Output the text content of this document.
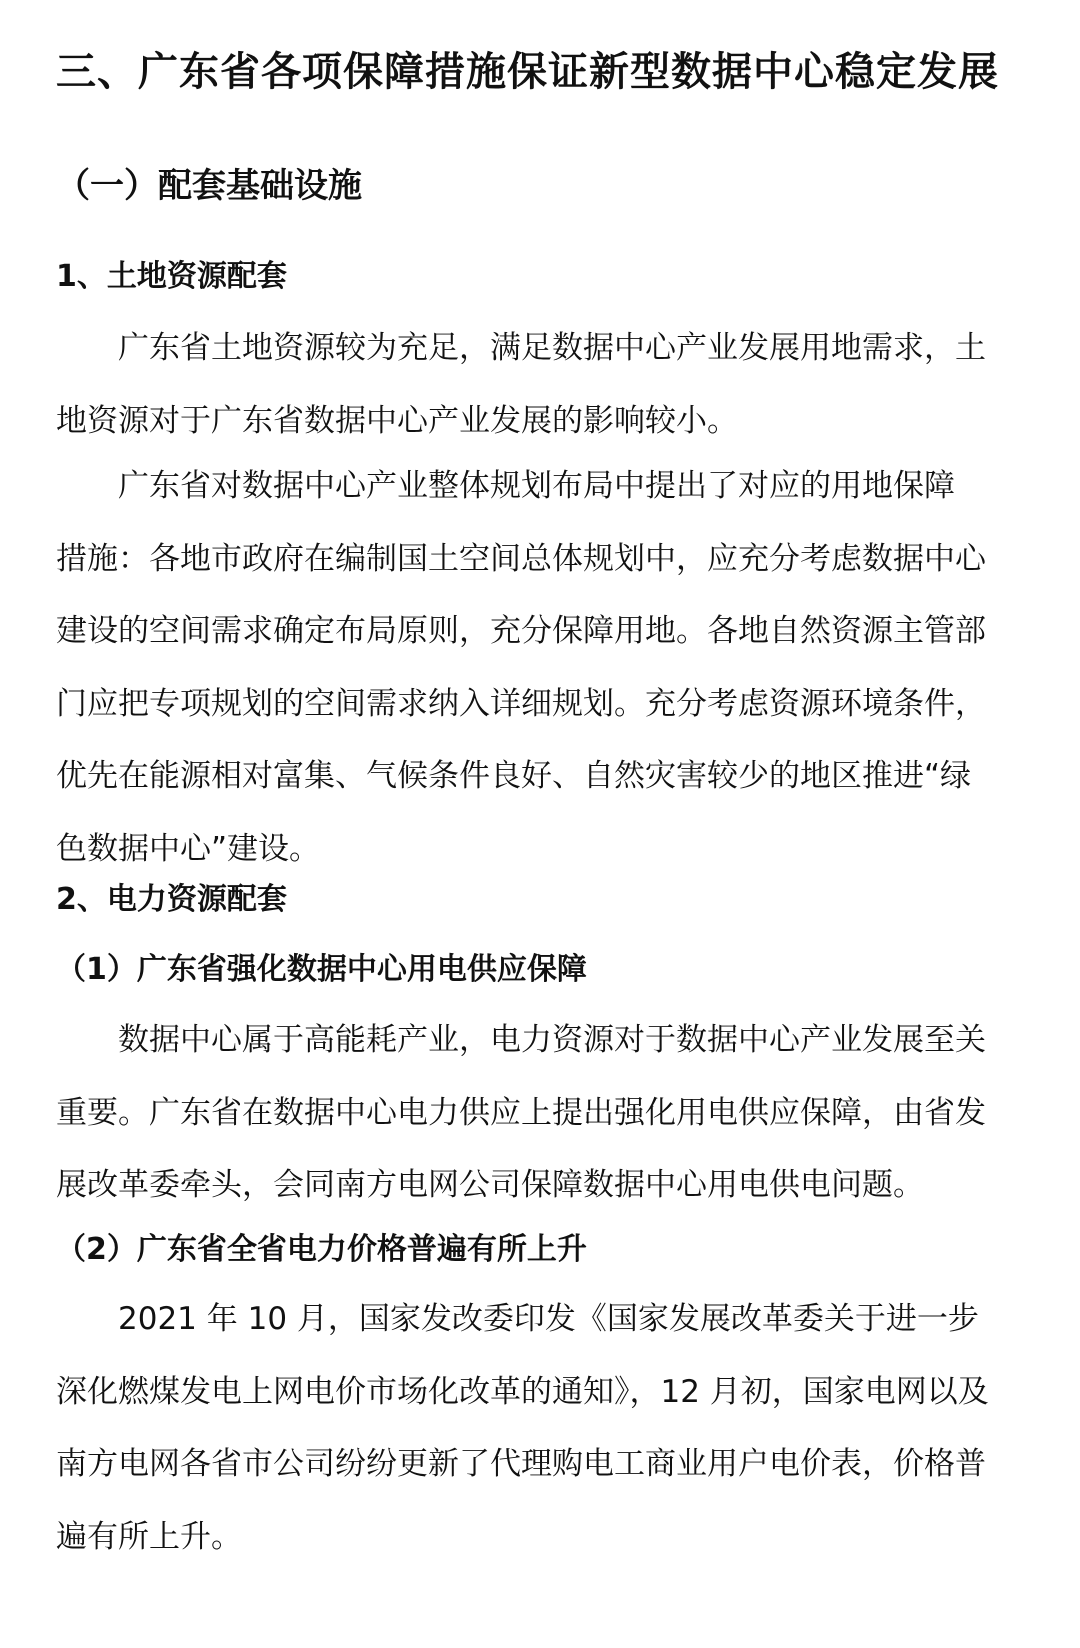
三、广东省各项保障措施保证新型数据中心稳定发展
（一）配套基础设施
1、土地资源配套
广东省土地资源较为充足，满足数据中心产业发展用地需求，土
地资源对于广东省数据中心产业发展的影响较小。
广东省对数据中心产业整体规划布局中提出了对应的用地保障
措施：各地市政府在编制国土空间总体规划中，应充分考虑数据中心
建设的空间需求确定布局原则，充分保障用地。各地自然资源主管部
门应把专项规划的空间需求纳入详细规划。充分考虑资源环境条件，
优先在能源相对富集、气候条件良好、自然灾害较少的地区推进“绿
色数据中心”建设。
2、电力资源配套
（1）广东省强化数据中心用电供应保障
数据中心属于高能耗产业，电力资源对于数据中心产业发展至关
重要。广东省在数据中心电力供应上提出强化用电供应保障，由省发
展改革委牵头，会同南方电网公司保障数据中心用电供电问题。
（2）广东省全省电力价格普遍有所上升
2021 年 10 月，国家发改委印发《国家发展改革委关于进一步
深化燃煤发电上网电价市场化改革的通知》，12 月初，国家电网以及
南方电网各省市公司纷纷更新了代理购电工商业用户电价表，价格普
遍有所上升。
